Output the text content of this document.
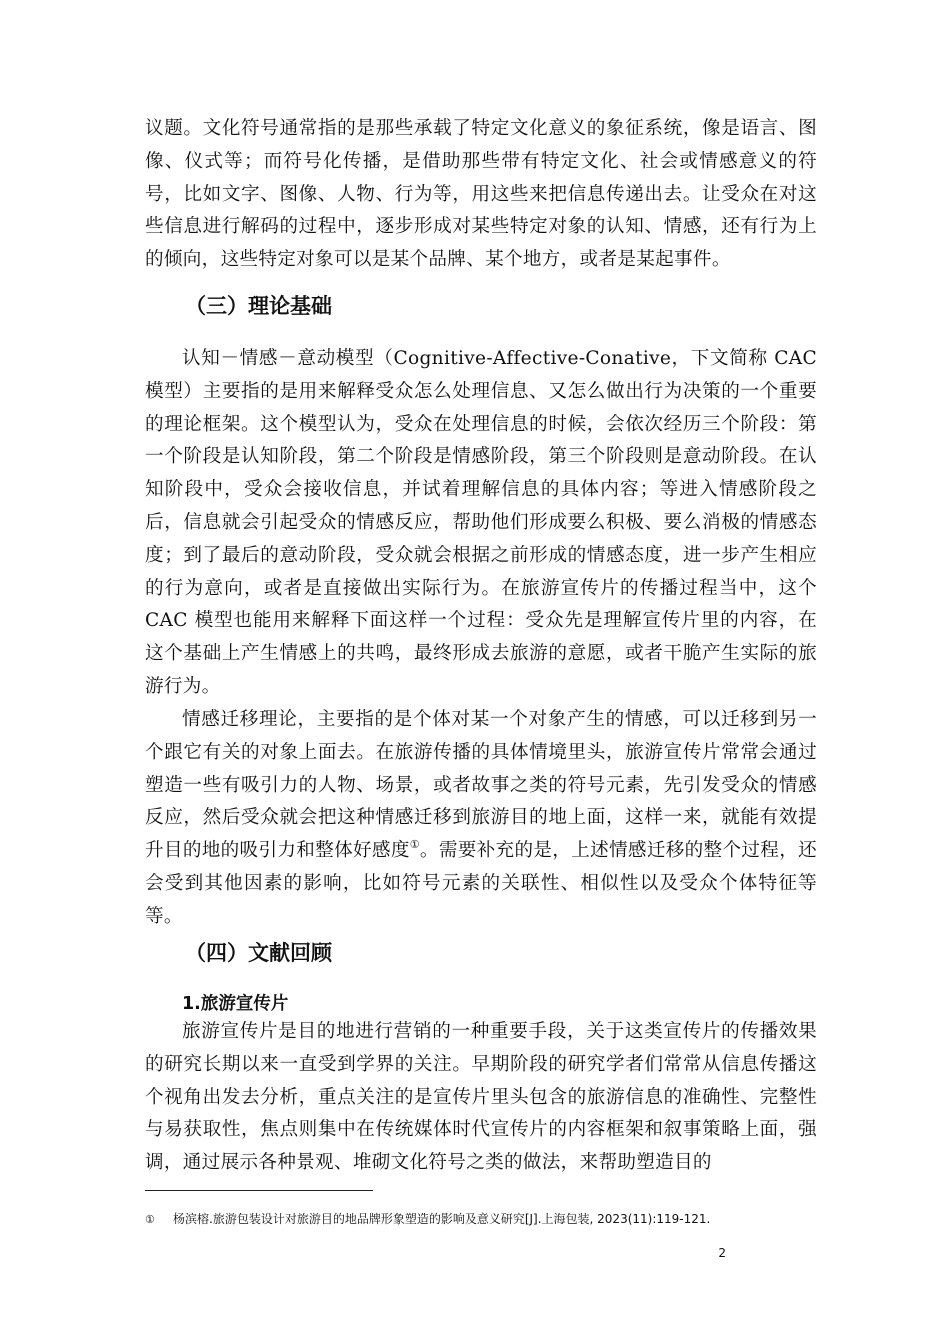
议题。文化符号通常指的是那些承载了特定文化意义的象征系统，像是语言、图像、仪式等；而符号化传播，是借助那些带有特定文化、社会或情感意义的符号，比如文字、图像、人物、行为等，用这些来把信息传递出去。让受众在对这些信息进行解码的过程中，逐步形成对某些特定对象的认知、情感，还有行为上的倾向，这些特定对象可以是某个品牌、某个地方，或者是某起事件。

（三）理论基础

认知－情感－意动模型（Cognitive-Affective-Conative，下文简称 CAC 模型）主要指的是用来解释受众怎么处理信息、又怎么做出行为决策的一个重要的理论框架。这个模型认为，受众在处理信息的时候，会依次经历三个阶段：第一个阶段是认知阶段，第二个阶段是情感阶段，第三个阶段则是意动阶段。在认知阶段中，受众会接收信息，并试着理解信息的具体内容；等进入情感阶段之后，信息就会引起受众的情感反应，帮助他们形成要么积极、要么消极的情感态度；到了最后的意动阶段，受众就会根据之前形成的情感态度，进一步产生相应的行为意向，或者是直接做出实际行为。在旅游宣传片的传播过程当中，这个 CAC 模型也能用来解释下面这样一个过程：受众先是理解宣传片里的内容，在这个基础上产生情感上的共鸣，最终形成去旅游的意愿，或者干脆产生实际的旅游行为。

情感迁移理论，主要指的是个体对某一个对象产生的情感，可以迁移到另一个跟它有关的对象上面去。在旅游传播的具体情境里头，旅游宣传片常常会通过塑造一些有吸引力的人物、场景，或者故事之类的符号元素，先引发受众的情感反应，然后受众就会把这种情感迁移到旅游目的地上面，这样一来，就能有效提升目的地的吸引力和整体好感度①。需要补充的是，上述情感迁移的整个过程，还会受到其他因素的影响，比如符号元素的关联性、相似性以及受众个体特征等等。

（四）文献回顾
1.旅游宣传片

旅游宣传片是目的地进行营销的一种重要手段，关于这类宣传片的传播效果的研究长期以来一直受到学界的关注。早期阶段的研究学者们常常从信息传播这个视角出发去分析，重点关注的是宣传片里头包含的旅游信息的准确性、完整性与易获取性，焦点则集中在传统媒体时代宣传片的内容框架和叙事策略上面，强调，通过展示各种景观、堆砌文化符号之类的做法，来帮助塑造目的

① 杨滨榕.旅游包装设计对旅游目的地品牌形象塑造的影响及意义研究[J].上海包装, 2023(11):119-121.

2
